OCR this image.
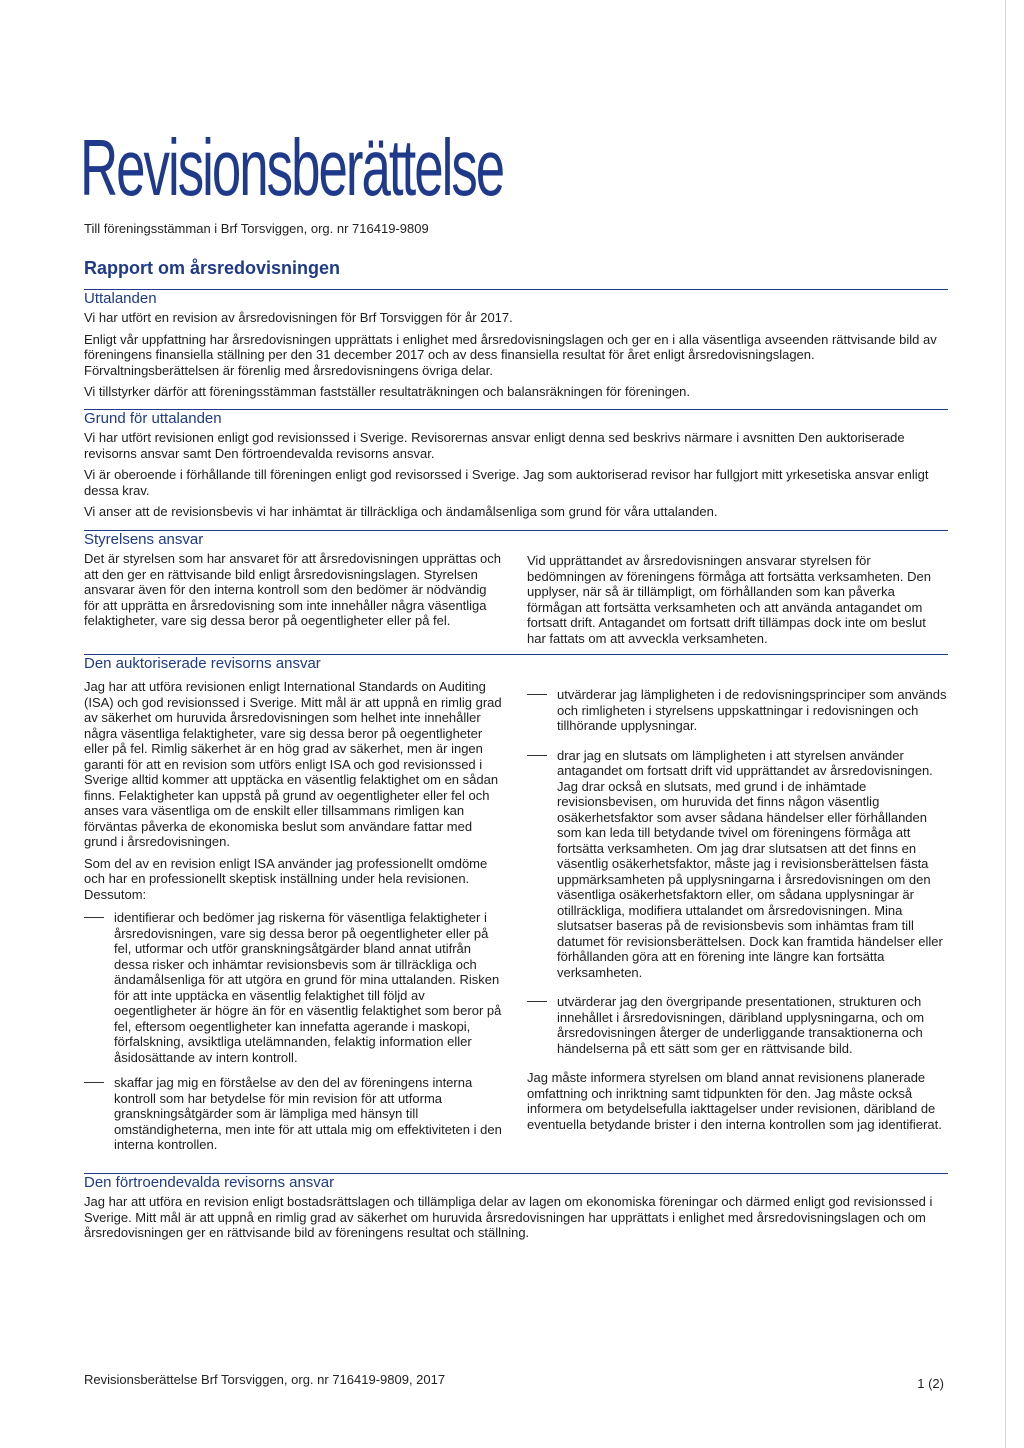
Revisionsberättelse
Till föreningsstämman i Brf Torsviggen, org. nr 716419-9809
Rapport om årsredovisningen
Uttalanden

Vi har utfört en revision av årsredovisningen för Brf Torsviggen för år 2017.

Enligt vår uppfattning har årsredovisningen upprättats i enlighet med årsredovisningslagen och ger en i alla väsentliga avseenden rättvisande bild av föreningens finansiella ställning per den 31 december 2017 och av dess finansiella resultat för året enligt årsredovisningslagen. Förvaltningsberättelsen är förenlig med årsredovisningens övriga delar.

Vi tillstyrker därför att föreningsstämman fastställer resultaträkningen och balansräkningen för föreningen.

Grund för uttalanden

Vi har utfört revisionen enligt god revisionssed i Sverige. Revisorernas ansvar enligt denna sed beskrivs närmare i avsnitten Den auktoriserade revisorns ansvar samt Den förtroendevalda revisorns ansvar.

Vi är oberoende i förhållande till föreningen enligt god revisorssed i Sverige. Jag som auktoriserad revisor har fullgjort mitt yrkesetiska ansvar enligt dessa krav.

Vi anser att de revisionsbevis vi har inhämtat är tillräckliga och ändamålsenliga som grund för våra uttalanden.

Styrelsens ansvar

Det är styrelsen som har ansvaret för att årsredovisningen upprättas och att den ger en rättvisande bild enligt årsredovisningslagen. Styrelsen ansvarar även för den interna kontroll som den bedömer är nödvändig för att upprätta en årsredovisning som inte innehåller några väsentliga felaktigheter, vare sig dessa beror på oegentligheter eller på fel.

Vid upprättandet av årsredovisningen ansvarar styrelsen för bedömningen av föreningens förmåga att fortsätta verksamheten. Den upplyser, när så är tillämpligt, om förhållanden som kan påverka förmågan att fortsätta verksamheten och att använda antagandet om fortsatt drift. Antagandet om fortsatt drift tillämpas dock inte om beslut har fattats om att avveckla verksamheten.

Den auktoriserade revisorns ansvar

Jag har att utföra revisionen enligt International Standards on Auditing (ISA) och god revisionssed i Sverige. Mitt mål är att uppnå en rimlig grad av säkerhet om huruvida årsredovisningen som helhet inte innehåller några väsentliga felaktigheter, vare sig dessa beror på oegentligheter eller på fel. Rimlig säkerhet är en hög grad av säkerhet, men är ingen garanti för att en revision som utförs enligt ISA och god revisionssed i Sverige alltid kommer att upptäcka en väsentlig felaktighet om en sådan finns. Felaktigheter kan uppstå på grund av oegentligheter eller fel och anses vara väsentliga om de enskilt eller tillsammans rimligen kan förväntas påverka de ekonomiska beslut som användare fattar med grund i årsredovisningen.

Som del av en revision enligt ISA använder jag professionellt omdöme och har en professionellt skeptisk inställning under hela revisionen. Dessutom:

identifierar och bedömer jag riskerna för väsentliga felaktigheter i årsredovisningen, vare sig dessa beror på oegentligheter eller på fel, utformar och utför granskningsåtgärder bland annat utifrån dessa risker och inhämtar revisionsbevis som är tillräckliga och ändamålsenliga för att utgöra en grund för mina uttalanden. Risken för att inte upptäcka en väsentlig felaktighet till följd av oegentligheter är högre än för en väsentlig felaktighet som beror på fel, eftersom oegentligheter kan innefatta agerande i maskopi, förfalskning, avsiktliga utelämnanden, felaktig information eller åsidosättande av intern kontroll.
skaffar jag mig en förståelse av den del av föreningens interna kontroll som har betydelse för min revision för att utforma granskningsåtgärder som är lämpliga med hänsyn till omständigheterna, men inte för att uttala mig om effektiviteten i den interna kontrollen.
utvärderar jag lämpligheten i de redovisningsprinciper som används och rimligheten i styrelsens uppskattningar i redovisningen och tillhörande upplysningar.
drar jag en slutsats om lämpligheten i att styrelsen använder antagandet om fortsatt drift vid upprättandet av årsredovisningen. Jag drar också en slutsats, med grund i de inhämtade revisionsbevisen, om huruvida det finns någon väsentlig osäkerhetsfaktor som avser sådana händelser eller förhållanden som kan leda till betydande tvivel om föreningens förmåga att fortsätta verksamheten. Om jag drar slutsatsen att det finns en väsentlig osäkerhetsfaktor, måste jag i revisionsberättelsen fästa uppmärksamheten på upplysningarna i årsredovisningen om den väsentliga osäkerhetsfaktorn eller, om sådana upplysningar är otillräckliga, modifiera uttalandet om årsredovisningen. Mina slutsatser baseras på de revisionsbevis som inhämtas fram till datumet för revisionsberättelsen. Dock kan framtida händelser eller förhållanden göra att en förening inte längre kan fortsätta verksamheten.
utvärderar jag den övergripande presentationen, strukturen och innehållet i årsredovisningen, däribland upplysningarna, och om årsredovisningen återger de underliggande transaktionerna och händelserna på ett sätt som ger en rättvisande bild.

Jag måste informera styrelsen om bland annat revisionens planerade omfattning och inriktning samt tidpunkten för den. Jag måste också informera om betydelsefulla iakttagelser under revisionen, däribland de eventuella betydande brister i den interna kontrollen som jag identifierat.

Den förtroendevalda revisorns ansvar

Jag har att utföra en revision enligt bostadsrättslagen och tillämpliga delar av lagen om ekonomiska föreningar och därmed enligt god revisionssed i Sverige. Mitt mål är att uppnå en rimlig grad av säkerhet om huruvida årsredovisningen har upprättats i enlighet med årsredovisningslagen och om årsredovisningen ger en rättvisande bild av föreningens resultat och ställning.

Revisionsberättelse Brf Torsviggen, org. nr 716419-9809, 2017	1 (2)
